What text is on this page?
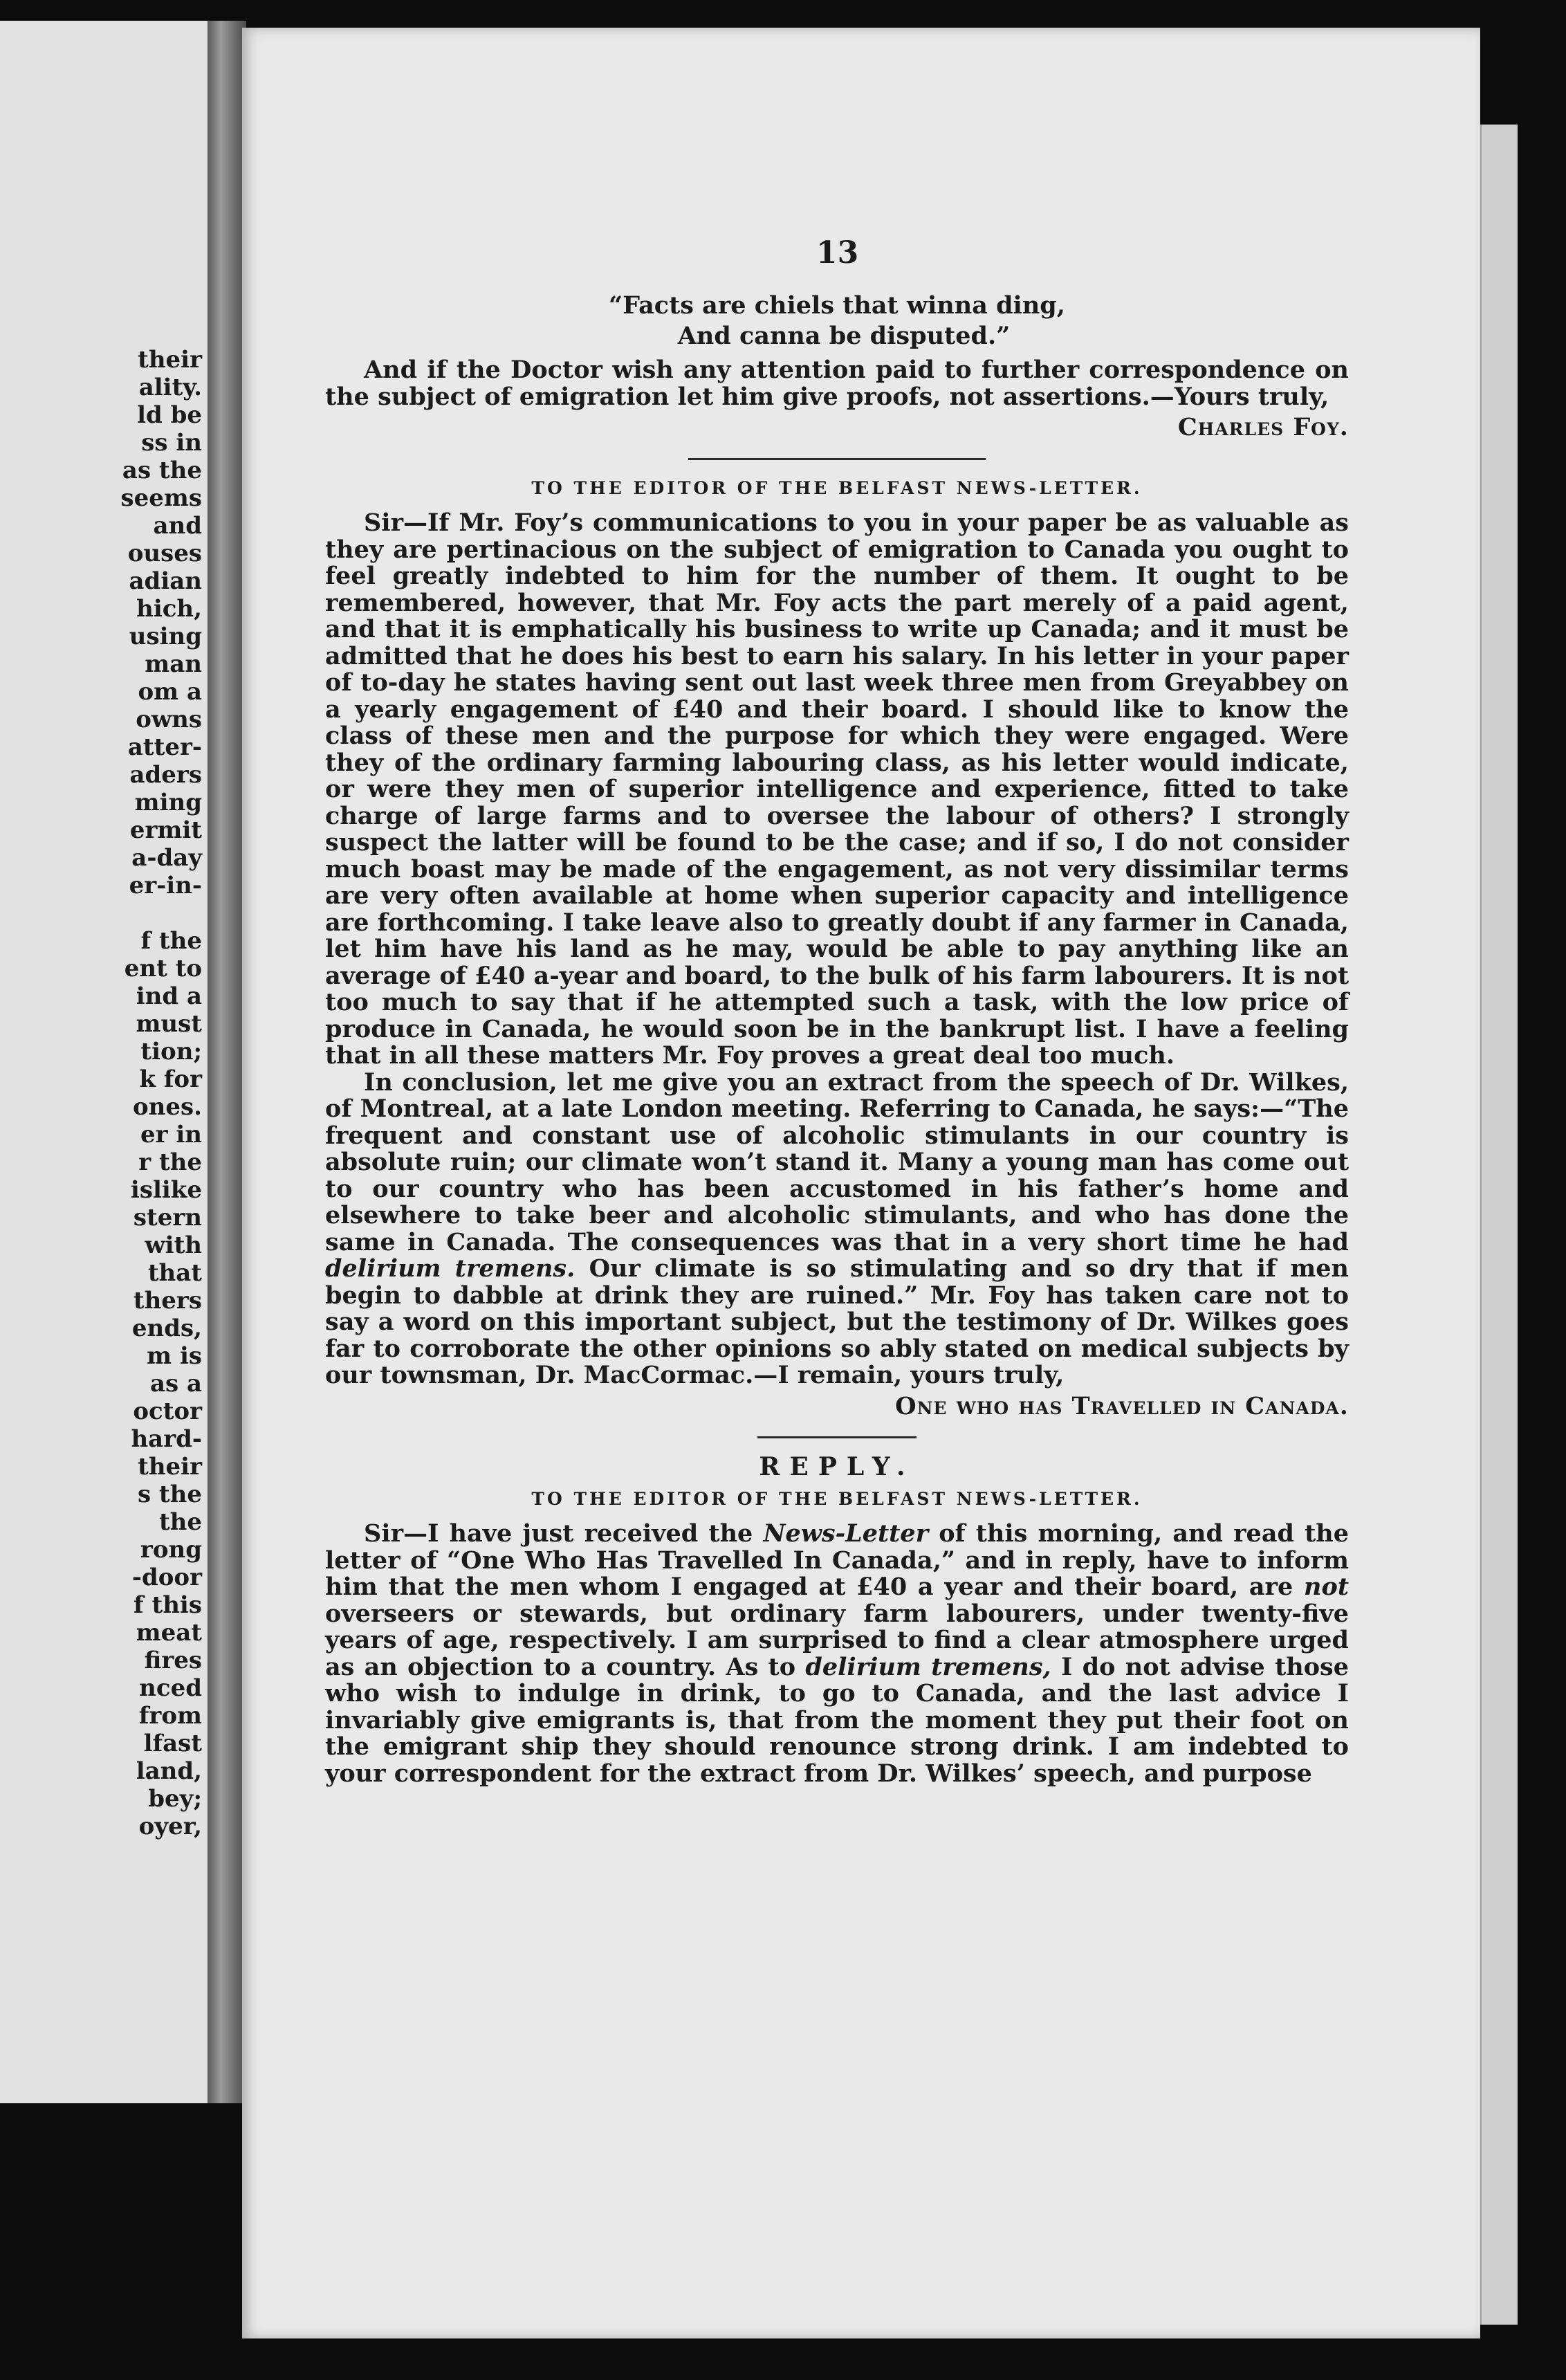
their
ality.
ld be
ss in
as the
seems
and
ouses
adian
hich,
using
man
om a
owns
atter-
aders
ming
ermit
a-day
er-in-

f the
ent to
ind a
must
tion;
k for
ones.
er in
r the
islike
stern
with
that
thers
ends,
m is
as a
octor
hard-
their
s the
the
rong
-door
f this
meat
fires
nced
from
lfast
land,
bey;
oyer,
13
“Facts are chiels that winna ding,
And canna be disputed.”

And if the Doctor wish any attention paid to further correspondence on the subject of emigration let him give proofs, not assertions.—Yours truly,

Charles Foy.
TO THE EDITOR OF THE BELFAST NEWS-LETTER.

Sir—If Mr. Foy’s communications to you in your paper be as valuable as they are pertinacious on the subject of emigration to Canada you ought to feel greatly indebted to him for the number of them. It ought to be remembered, however, that Mr. Foy acts the part merely of a paid agent, and that it is emphatically his business to write up Canada; and it must be admitted that he does his best to earn his salary. In his letter in your paper of to-day he states having sent out last week three men from Greyabbey on a yearly engagement of £40 and their board. I should like to know the class of these men and the purpose for which they were engaged. Were they of the ordinary farming labouring class, as his letter would indicate, or were they men of superior intelligence and experience, fitted to take charge of large farms and to oversee the labour of others? I strongly suspect the latter will be found to be the case; and if so, I do not consider much boast may be made of the engagement, as not very dissimilar terms are very often available at home when superior capacity and intelligence are forthcoming. I take leave also to greatly doubt if any farmer in Canada, let him have his land as he may, would be able to pay anything like an average of £40 a-year and board, to the bulk of his farm labourers. It is not too much to say that if he attempted such a task, with the low price of produce in Canada, he would soon be in the bankrupt list. I have a feeling that in all these matters Mr. Foy proves a great deal too much.

In conclusion, let me give you an extract from the speech of Dr. Wilkes, of Montreal, at a late London meeting. Referring to Canada, he says:—“The frequent and constant use of alcoholic stimulants in our country is absolute ruin; our climate won’t stand it. Many a young man has come out to our country who has been accustomed in his father’s home and elsewhere to take beer and alcoholic stimulants, and who has done the same in Canada. The consequences was that in a very short time he had delirium tremens. Our climate is so stimulating and so dry that if men begin to dabble at drink they are ruined.” Mr. Foy has taken care not to say a word on this important subject, but the testimony of Dr. Wilkes goes far to corroborate the other opinions so ably stated on medical subjects by our townsman, Dr. MacCormac.—I remain, yours truly,

One who has Travelled in Canada.
REPLY.
TO THE EDITOR OF THE BELFAST NEWS-LETTER.

Sir—I have just received the News-Letter of this morning, and read the letter of “One Who Has Travelled In Canada,” and in reply, have to inform him that the men whom I engaged at £40 a year and their board, are not overseers or stewards, but ordinary farm labourers, under twenty-five years of age, respectively. I am surprised to find a clear atmosphere urged as an objection to a country. As to delirium tremens, I do not advise those who wish to indulge in drink, to go to Canada, and the last advice I invariably give emigrants is, that from the moment they put their foot on the emigrant ship they should renounce strong drink. I am indebted to your correspondent for the extract from Dr. Wilkes’ speech, and purpose
